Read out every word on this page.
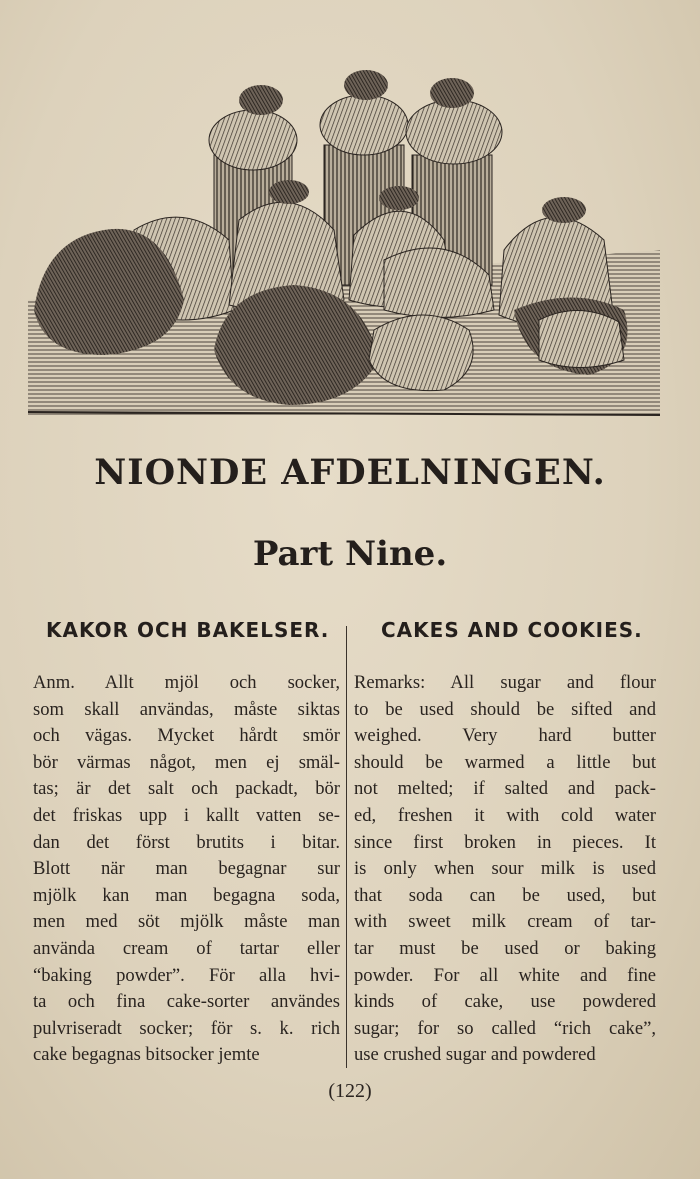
NIONDE AFDELNINGEN.
Part Nine.
KAKOR OCH BAKELSER.	CAKES AND COOKIES.
Anm. Allt mjöl och socker,
som skall användas, måste siktas
och vägas. Mycket hårdt smör
bör värmas något, men ej smäl-
tas; är det salt och packadt, bör
det friskas upp i kallt vatten se-
dan det först brutits i bitar.
Blott när man begagnar sur
mjölk kan man begagna soda,
men med söt mjölk måste man
använda cream of tartar eller
“baking powder”. För alla hvi-
ta och fina cake-sorter användes
pulvriseradt socker; för s. k. rich
cake begagnas bitsocker jemte
Remarks: All sugar and flour
to be used should be sifted and
weighed. Very hard butter
should be warmed a little but
not melted; if salted and pack-
ed, freshen it with cold water
since first broken in pieces. It
is only when sour milk is used
that soda can be used, but
with sweet milk cream of tar-
tar must be used or baking
powder. For all white and fine
kinds of cake, use powdered
sugar; for so called “rich cake”,
use crushed sugar and powdered
(122)
